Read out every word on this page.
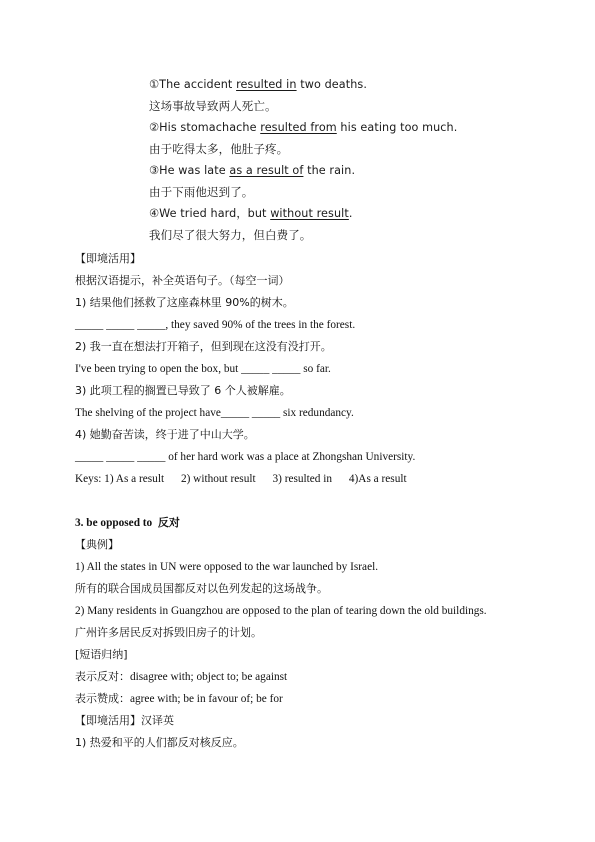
①The accident resulted in two deaths.
这场事故导致两人死亡。
②His stomachache resulted from his eating too much.
由于吃得太多，他肚子疼。
③He was late as a result of the rain.
由于下雨他迟到了。
④We tried hard，but without result.
我们尽了很大努力，但白费了。
【即境活用】
根据汉语提示，补全英语句子。（每空一词）
1) 结果他们拯救了这座森林里 90%的树木。
_____ _____ _____, they saved 90% of the trees in the forest.
2) 我一直在想法打开箱子，但到现在这没有没打开。
I've been trying to open the box, but _____ _____ so far.
3) 此项工程的搁置已导致了 6 个人被解雇。
The shelving of the project have_____ _____ six redundancy.
4) 她勤奋苦读，终于进了中山大学。
_____ _____ _____ of her hard work was a place at Zhongshan University.
Keys: 1) As a result 2) without result 3) resulted in 4)As a result
3. be opposed to 反对
【典例】
1) All the states in UN were opposed to the war launched by Israel.
所有的联合国成员国都反对以色列发起的这场战争。
2) Many residents in Guangzhou are opposed to the plan of tearing down the old buildings.
广州许多居民反对拆毁旧房子的计划。
[短语归纳]
表示反对：disagree with; object to; be against
表示赞成：agree with; be in favour of; be for
【即境活用】汉译英
1) 热爱和平的人们都反对核反应。
